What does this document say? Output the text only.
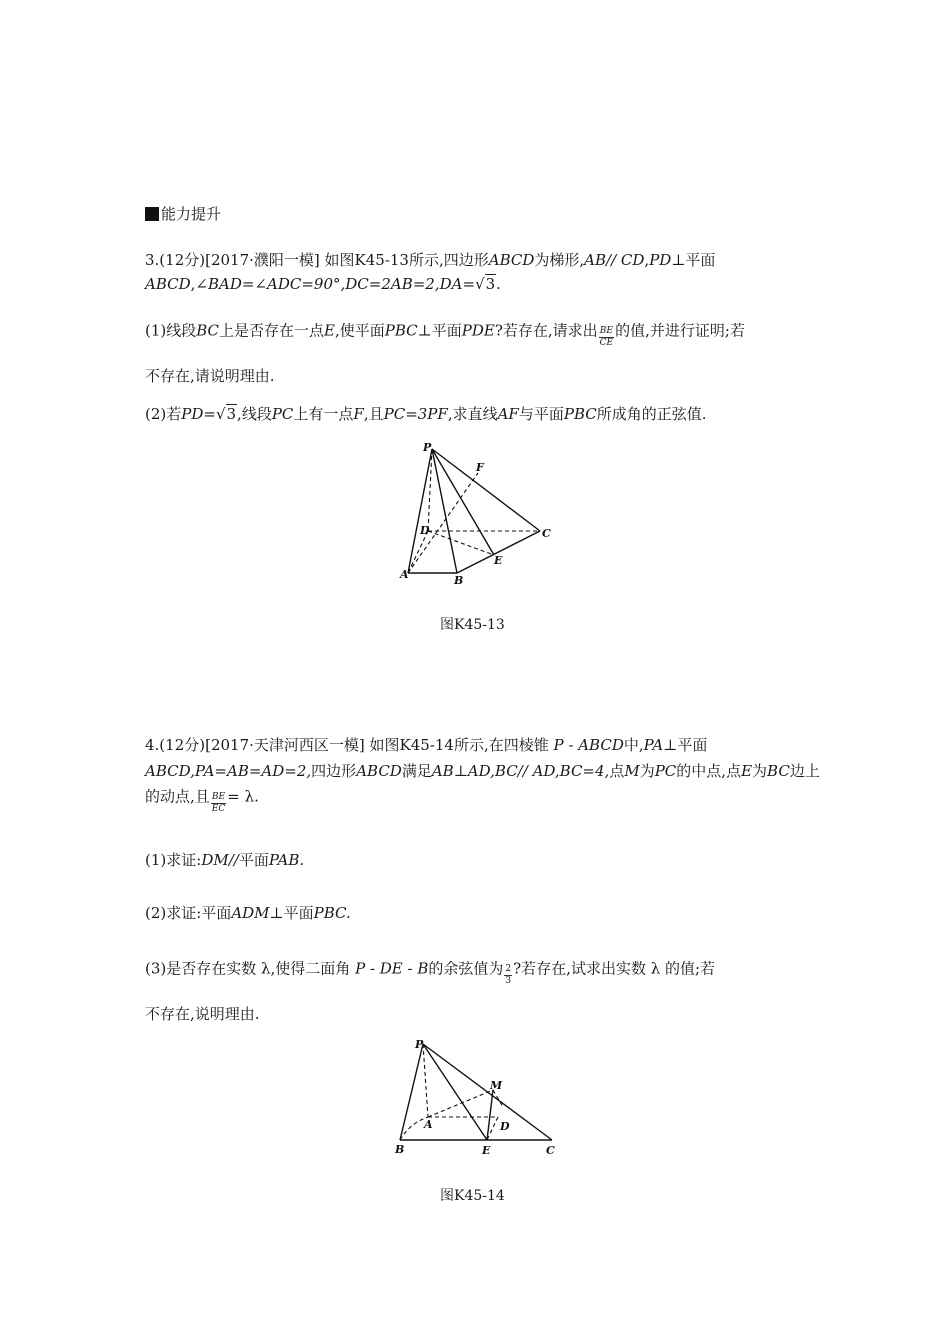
能力提升
3.(12分)[2017·濮阳一模] 如图K45-13所示,四边形ABCD为梯形,AB// CD,PD⊥平面
ABCD,∠BAD=∠ADC=90°,DC=2AB=2,DA=√3.
(1)线段BC上是否存在一点E,使平面PBC⊥平面PDE?若存在,请求出 $\frac{BE}{CE}$ 的值,并进行证明;若
不存在,请说明理由.
(2)若PD=√3,线段PC上有一点F,且PC=3PF,求直线AF与平面PBC所成角的正弦值.
P
F
D	C
E
A	B
图K45-13
4.(12分)[2017·天津河西区一模] 如图K45-14所示,在四棱锥 P - ABCD中,PA⊥平面
ABCD,PA=AB=AD=2,四边形ABCD满足AB⊥AD,BC// AD,BC=4,点M为PC的中点,点E为BC边上
的动点,且 $\frac{BE}{EC} = \lambda$.
(1)求证:DM//平面PAB.
(2)求证:平面ADM⊥平面PBC.
(3)是否存在实数 λ,使得二面角 P - DE - B的余弦值为 $\frac{2}{3}$ ?若存在,试求出实数 λ 的值;若
不存在,说明理由.
P
M
A	D
B	E	C
图K45-14
